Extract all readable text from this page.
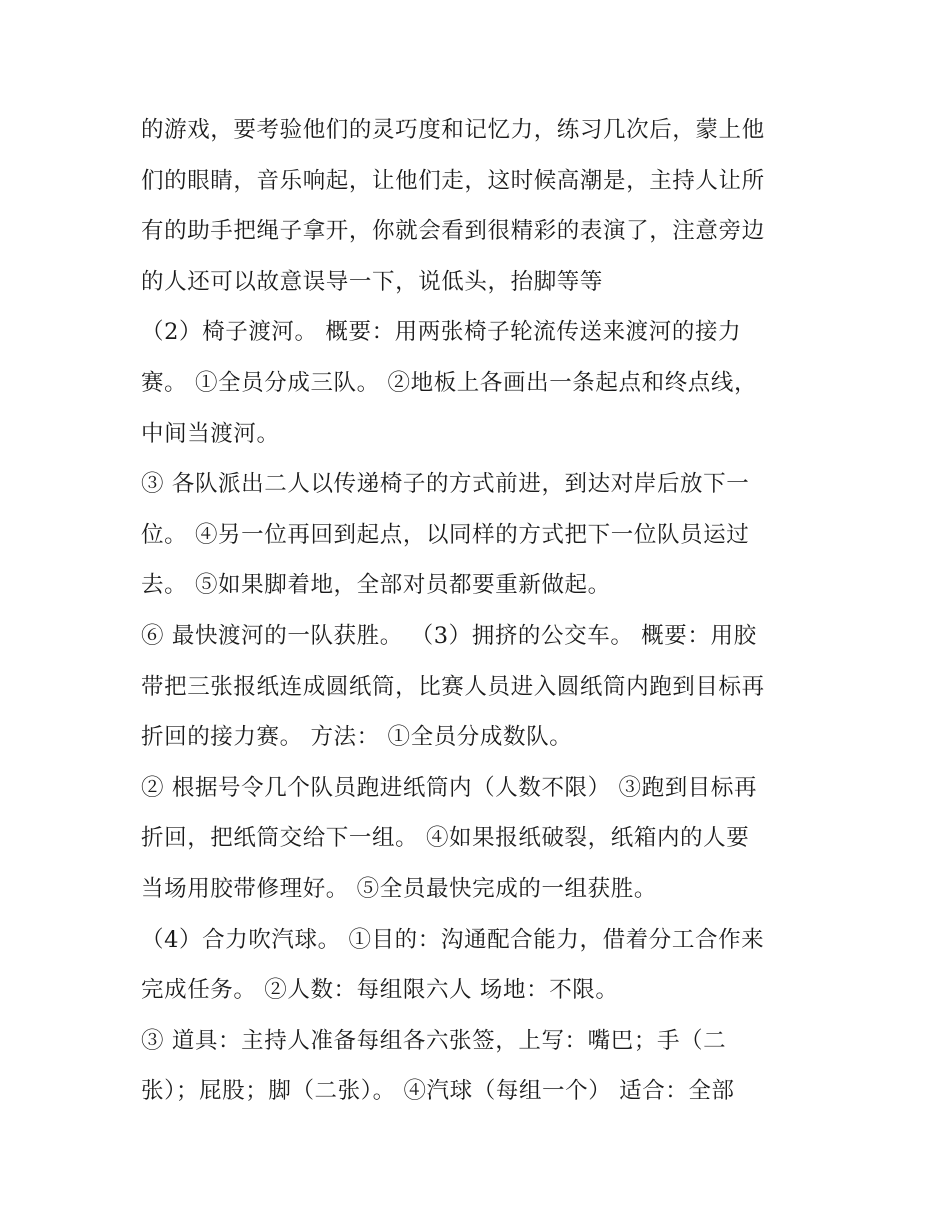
的游戏，要考验他们的灵巧度和记忆力，练习几次后，蒙上他
们的眼睛，音乐响起，让他们走，这时候高潮是，主持人让所
有的助手把绳子拿开，你就会看到很精彩的表演了，注意旁边
的人还可以故意误导一下，说低头，抬脚等等
（2）椅子渡河。 概要：用两张椅子轮流传送来渡河的接力
赛。 ①全员分成三队。 ②地板上各画出一条起点和终点线，
中间当渡河。
③ 各队派出二人以传递椅子的方式前进，到达对岸后放下一
位。 ④另一位再回到起点，以同样的方式把下一位队员运过
去。 ⑤如果脚着地，全部对员都要重新做起。
⑥ 最快渡河的一队获胜。 （3）拥挤的公交车。 概要：用胶
带把三张报纸连成圆纸筒，比赛人员进入圆纸筒内跑到目标再
折回的接力赛。 方法： ①全员分成数队。
② 根据号令几个队员跑进纸筒内（人数不限） ③跑到目标再
折回，把纸筒交给下一组。 ④如果报纸破裂，纸箱内的人要
当场用胶带修理好。 ⑤全员最快完成的一组获胜。
（4）合力吹汽球。 ①目的：沟通配合能力，借着分工合作来
完成任务。 ②人数：每组限六人 场地：不限。
③ 道具：主持人准备每组各六张签，上写：嘴巴；手（二
张）；屁股；脚（二张）。 ④汽球（每组一个） 适合：全部
